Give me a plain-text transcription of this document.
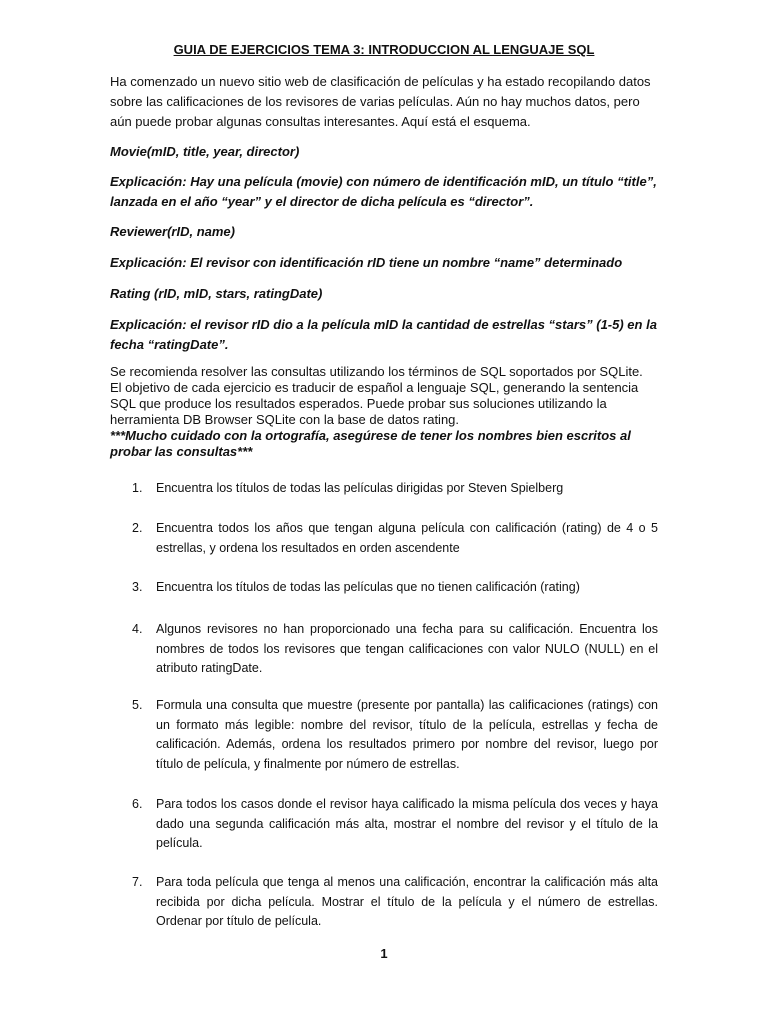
GUIA DE EJERCICIOS TEMA 3: INTRODUCCION AL LENGUAJE SQL

Ha comenzado un nuevo sitio web de clasificación de películas y ha estado recopilando datos sobre las calificaciones de los revisores de varias películas. Aún no hay muchos datos, pero aún puede probar algunas consultas interesantes. Aquí está el esquema.

Movie(mID, title, year, director)

Explicación: Hay una película (movie) con número de identificación mID, un título “title”, lanzada en el año “year” y el director de dicha película es “director”.

Reviewer(rID, name)

Explicación: El revisor con identificación rID tiene un nombre “name” determinado

Rating (rID, mID, stars, ratingDate)

Explicación: el revisor rID dio a la película mID la cantidad de estrellas “stars” (1-5) en la fecha “ratingDate”.

Se recomienda resolver las consultas utilizando los términos de SQL soportados por SQLite.
El objetivo de cada ejercicio es traducir de español a lenguaje SQL, generando la sentencia SQL que produce los resultados esperados. Puede probar sus soluciones utilizando la herramienta DB Browser SQLite con la base de datos rating.
***Mucho cuidado con la ortografía, asegúrese de tener los nombres bien escritos al probar las consultas***
1. Encuentra los títulos de todas las películas dirigidas por Steven Spielberg
2. Encuentra todos los años que tengan alguna película con calificación (rating) de 4 o 5 estrellas, y ordena los resultados en orden ascendente
3. Encuentra los títulos de todas las películas que no tienen calificación (rating)
4. Algunos revisores no han proporcionado una fecha para su calificación. Encuentra los nombres de todos los revisores que tengan calificaciones con valor NULO (NULL) en el atributo ratingDate.
5. Formula una consulta que muestre (presente por pantalla) las calificaciones (ratings) con un formato más legible: nombre del revisor, título de la película, estrellas y fecha de calificación. Además, ordena los resultados primero por nombre del revisor, luego por título de película, y finalmente por número de estrellas.
6. Para todos los casos donde el revisor haya calificado la misma película dos veces y haya dado una segunda calificación más alta, mostrar el nombre del revisor y el título de la película.
7. Para toda película que tenga al menos una calificación, encontrar la calificación más alta recibida por dicha película. Mostrar el título de la película y el número de estrellas. Ordenar por título de película.
1
